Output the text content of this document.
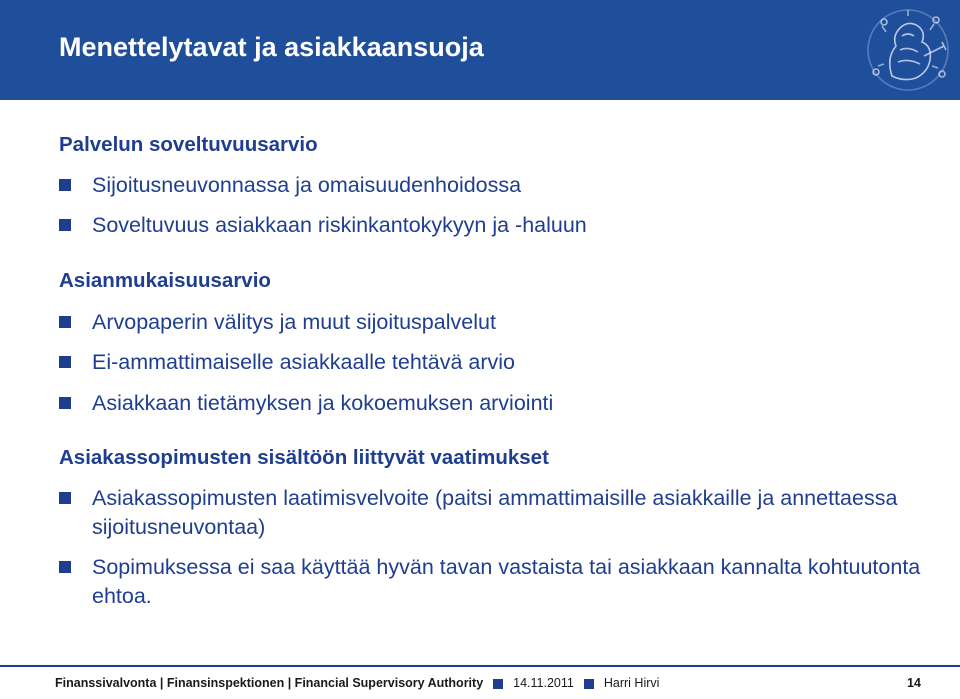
Menettelytavat ja asiakkaansuoja
Palvelun soveltuvuusarvio
Sijoitusneuvonnassa ja omaisuudenhoidossa
Soveltuvuus asiakkaan riskinkantokykyyn ja -haluun
Asianmukaisuusarvio
Arvopaperin välitys ja muut sijoituspalvelut
Ei-ammattimaiselle asiakkaalle tehtävä arvio
Asiakkaan tietämyksen ja kokoemuksen arviointi
Asiakassopimusten sisältöön liittyvät vaatimukset
Asiakassopimusten laatimisvelvoite (paitsi ammattimaisille asiakkaille ja annettaessa sijoitusneuvontaa)
Sopimuksessa ei saa käyttää hyvän tavan vastaista tai asiakkaan kannalta kohtuutonta ehtoa.
Finanssivalvonta | Finansinspektionen | Financial Supervisory Authority 14.11.2011 Harri Hirvi	14
